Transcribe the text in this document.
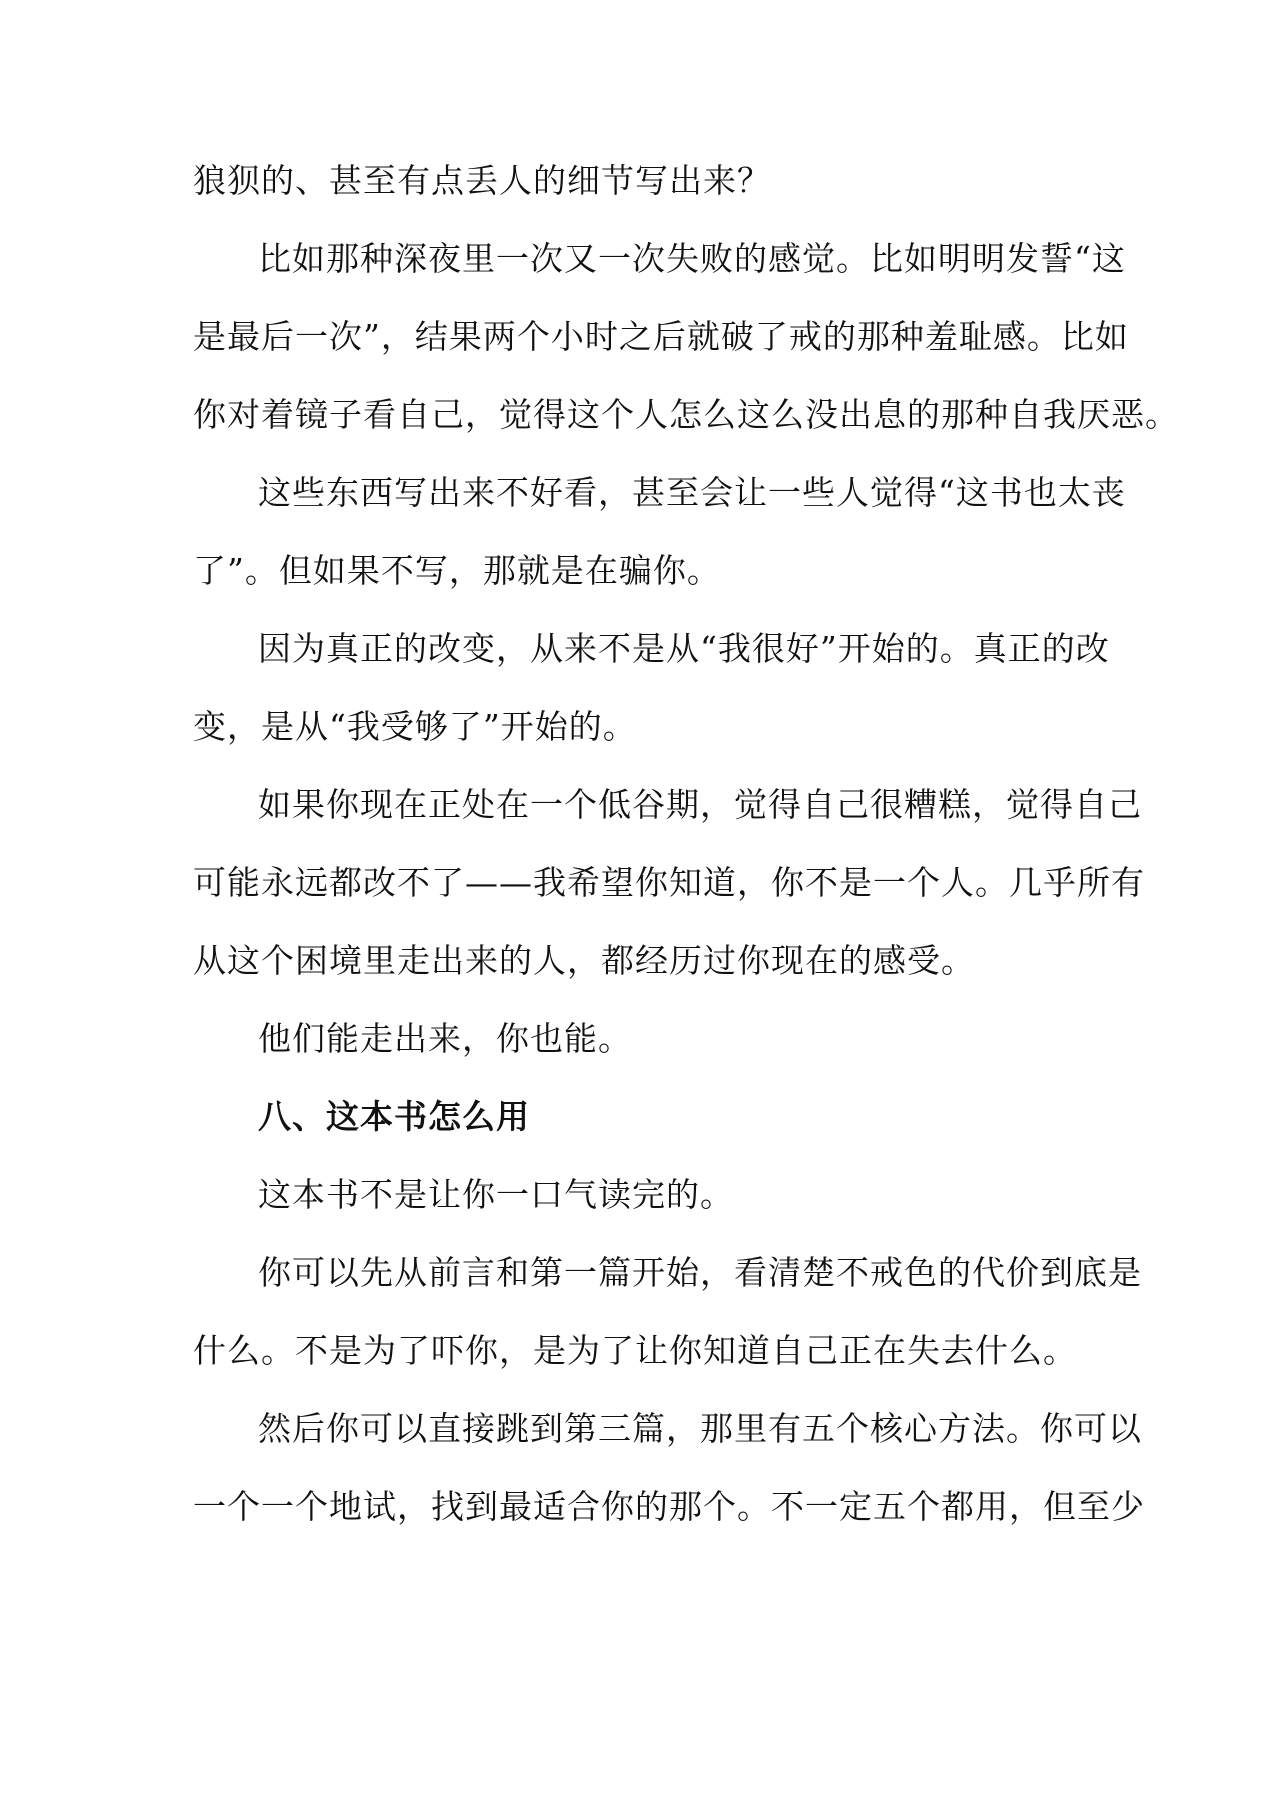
狼狈的、甚至有点丢人的细节写出来？
比如那种深夜里一次又一次失败的感觉。比如明明发誓“这
是最后一次”，结果两个小时之后就破了戒的那种羞耻感。比如
你对着镜子看自己，觉得这个人怎么这么没出息的那种自我厌恶。
这些东西写出来不好看，甚至会让一些人觉得“这书也太丧
了”。但如果不写，那就是在骗你。
因为真正的改变，从来不是从“我很好”开始的。真正的改
变，是从“我受够了”开始的。
如果你现在正处在一个低谷期，觉得自己很糟糕，觉得自己
可能永远都改不了——我希望你知道，你不是一个人。几乎所有
从这个困境里走出来的人，都经历过你现在的感受。
他们能走出来，你也能。
八、这本书怎么用
这本书不是让你一口气读完的。
你可以先从前言和第一篇开始，看清楚不戒色的代价到底是
什么。不是为了吓你，是为了让你知道自己正在失去什么。
然后你可以直接跳到第三篇，那里有五个核心方法。你可以
一个一个地试，找到最适合你的那个。不一定五个都用，但至少
